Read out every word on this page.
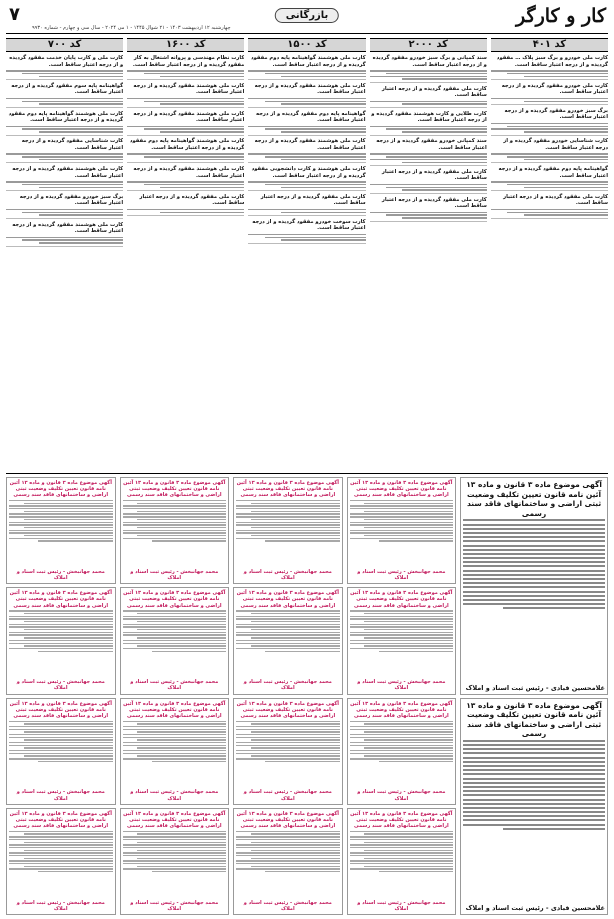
کار و کارگر
بازرگانی
۷
چهارشنبه ۱۲ اردیبهشت ۱۴۰۳ - ۲۱ شوال ۱۴۴۵ - ۱ می ۲۰۲۴ - سال سی و چهارم - شماره ۹۹۳۰
کد ۴۰۱
کارت ملی خودرو و برگ سبز پلاک … مفقود گردیده و از درجه اعتبار ساقط است.
کارت ملی خودرو مفقود گردیده و از درجه اعتبار ساقط است.
برگ سبز خودرو مفقود گردیده و از درجه اعتبار ساقط است.
کارت شناسایی خودرو مفقود گردیده و از درجه اعتبار ساقط است.
گواهینامه پایه دوم مفقود گردیده و از درجه اعتبار ساقط است.
کارت ملی مفقود گردیده و از درجه اعتبار ساقط است.
کد ۲۰۰۰
سند کمپانی و برگ سبز خودرو مفقود گردیده و از درجه اعتبار ساقط است.
کارت ملی مفقود گردیده و از درجه اعتبار ساقط است.
کارت طلایی و کارت هوشمند مفقود گردیده و از درجه اعتبار ساقط است.
سند کمپانی خودرو مفقود گردیده و از درجه اعتبار ساقط است.
کارت ملی مفقود گردیده و از درجه اعتبار ساقط است.
کارت ملی مفقود گردیده و از درجه اعتبار ساقط است.
کد ۱۵۰۰
کارت ملی هوشمند گواهینامه پایه دوم مفقود گردیده و از درجه اعتبار ساقط است.
کارت ملی هوشمند مفقود گردیده و از درجه اعتبار ساقط است.
گواهینامه پایه دوم مفقود گردیده و از درجه اعتبار ساقط است.
کارت ملی هوشمند مفقود گردیده و از درجه اعتبار ساقط است.
کارت ملی هوشمند و کارت دانشجویی مفقود گردیده و از درجه اعتبار ساقط است.
کارت ملی مفقود گردیده و از درجه اعتبار ساقط است.
کارت سوخت خودرو مفقود گردیده و از درجه اعتبار ساقط است.
کد ۱۶۰۰
کارت نظام مهندسی و پروانه اشتغال به کار مفقود گردیده و از درجه اعتبار ساقط است.
کارت ملی هوشمند مفقود گردیده و از درجه اعتبار ساقط است.
کارت ملی هوشمند مفقود گردیده و از درجه اعتبار ساقط است.
کارت ملی هوشمند گواهینامه پایه دوم مفقود گردیده و از درجه اعتبار ساقط است.
کارت ملی هوشمند مفقود گردیده و از درجه اعتبار ساقط است.
کارت ملی مفقود گردیده و از درجه اعتبار ساقط است.
کد ۷۰۰
کارت ملی و کارت پایان خدمت مفقود گردیده و از درجه اعتبار ساقط است.
گواهینامه پایه سوم مفقود گردیده و از درجه اعتبار ساقط است.
کارت ملی هوشمند گواهینامه پایه دوم مفقود گردیده و از درجه اعتبار ساقط است.
کارت شناسایی مفقود گردیده و از درجه اعتبار ساقط است.
کارت ملی هوشمند مفقود گردیده و از درجه اعتبار ساقط است.
برگ سبز خودرو مفقود گردیده و از درجه اعتبار ساقط است.
کارت ملی هوشمند مفقود گردیده و از درجه اعتبار ساقط است.
آگهی موضوع ماده ۳ قانون و ماده ۱۳ آئین نامه قانون تعیین تکلیف وضعیت ثبتی اراضی و ساختمانهای فاقد سند رسمی
غلامحسین قبادی - رئیس ثبت اسناد و املاک
آگهی موضوع ماده ۳ قانون و ماده ۱۳ آئین نامه قانون تعیین تکلیف وضعیت ثبتی اراضی و ساختمانهای فاقد سند رسمی
غلامحسین قبادی - رئیس ثبت اسناد و املاک
آگهی موضوع ماده ۳ قانون و ماده ۱۳ آئین نامه قانون تعیین تکلیف وضعیت ثبتی اراضی و ساختمانهای فاقد سند رسمی
محمد جهانبخش - رئیس ثبت اسناد و املاک
آگهی موضوع ماده ۳ قانون و ماده ۱۳ آئین نامه قانون تعیین تکلیف وضعیت ثبتی اراضی و ساختمانهای فاقد سند رسمی
محمد جهانبخش - رئیس ثبت اسناد و املاک
آگهی موضوع ماده ۳ قانون و ماده ۱۳ آئین نامه قانون تعیین تکلیف وضعیت ثبتی اراضی و ساختمانهای فاقد سند رسمی
محمد جهانبخش - رئیس ثبت اسناد و املاک
آگهی موضوع ماده ۳ قانون و ماده ۱۳ آئین نامه قانون تعیین تکلیف وضعیت ثبتی اراضی و ساختمانهای فاقد سند رسمی
محمد جهانبخش - رئیس ثبت اسناد و املاک
آگهی موضوع ماده ۳ قانون و ماده ۱۳ آئین نامه قانون تعیین تکلیف وضعیت ثبتی اراضی و ساختمانهای فاقد سند رسمی
محمد جهانبخش - رئیس ثبت اسناد و املاک
آگهی موضوع ماده ۳ قانون و ماده ۱۳ آئین نامه قانون تعیین تکلیف وضعیت ثبتی اراضی و ساختمانهای فاقد سند رسمی
محمد جهانبخش - رئیس ثبت اسناد و املاک
آگهی موضوع ماده ۳ قانون و ماده ۱۳ آئین نامه قانون تعیین تکلیف وضعیت ثبتی اراضی و ساختمانهای فاقد سند رسمی
محمد جهانبخش - رئیس ثبت اسناد و املاک
آگهی موضوع ماده ۳ قانون و ماده ۱۳ آئین نامه قانون تعیین تکلیف وضعیت ثبتی اراضی و ساختمانهای فاقد سند رسمی
محمد جهانبخش - رئیس ثبت اسناد و املاک
آگهی موضوع ماده ۳ قانون و ماده ۱۳ آئین نامه قانون تعیین تکلیف وضعیت ثبتی اراضی و ساختمانهای فاقد سند رسمی
محمد جهانبخش - رئیس ثبت اسناد و املاک
آگهی موضوع ماده ۳ قانون و ماده ۱۳ آئین نامه قانون تعیین تکلیف وضعیت ثبتی اراضی و ساختمانهای فاقد سند رسمی
محمد جهانبخش - رئیس ثبت اسناد و املاک
آگهی موضوع ماده ۳ قانون و ماده ۱۳ آئین نامه قانون تعیین تکلیف وضعیت ثبتی اراضی و ساختمانهای فاقد سند رسمی
محمد جهانبخش - رئیس ثبت اسناد و املاک
آگهی موضوع ماده ۳ قانون و ماده ۱۳ آئین نامه قانون تعیین تکلیف وضعیت ثبتی اراضی و ساختمانهای فاقد سند رسمی
محمد جهانبخش - رئیس ثبت اسناد و املاک
آگهی موضوع ماده ۳ قانون و ماده ۱۳ آئین نامه قانون تعیین تکلیف وضعیت ثبتی اراضی و ساختمانهای فاقد سند رسمی
محمد جهانبخش - رئیس ثبت اسناد و املاک
آگهی موضوع ماده ۳ قانون و ماده ۱۳ آئین نامه قانون تعیین تکلیف وضعیت ثبتی اراضی و ساختمانهای فاقد سند رسمی
محمد جهانبخش - رئیس ثبت اسناد و املاک
آگهی موضوع ماده ۳ قانون و ماده ۱۳ آئین نامه قانون تعیین تکلیف وضعیت ثبتی اراضی و ساختمانهای فاقد سند رسمی
محمد جهانبخش - رئیس ثبت اسناد و املاک
آگهی موضوع ماده ۳ قانون و ماده ۱۳ آئین نامه قانون تعیین تکلیف وضعیت ثبتی اراضی و ساختمانهای فاقد سند رسمی
محمد جهانبخش - رئیس ثبت اسناد و املاک
